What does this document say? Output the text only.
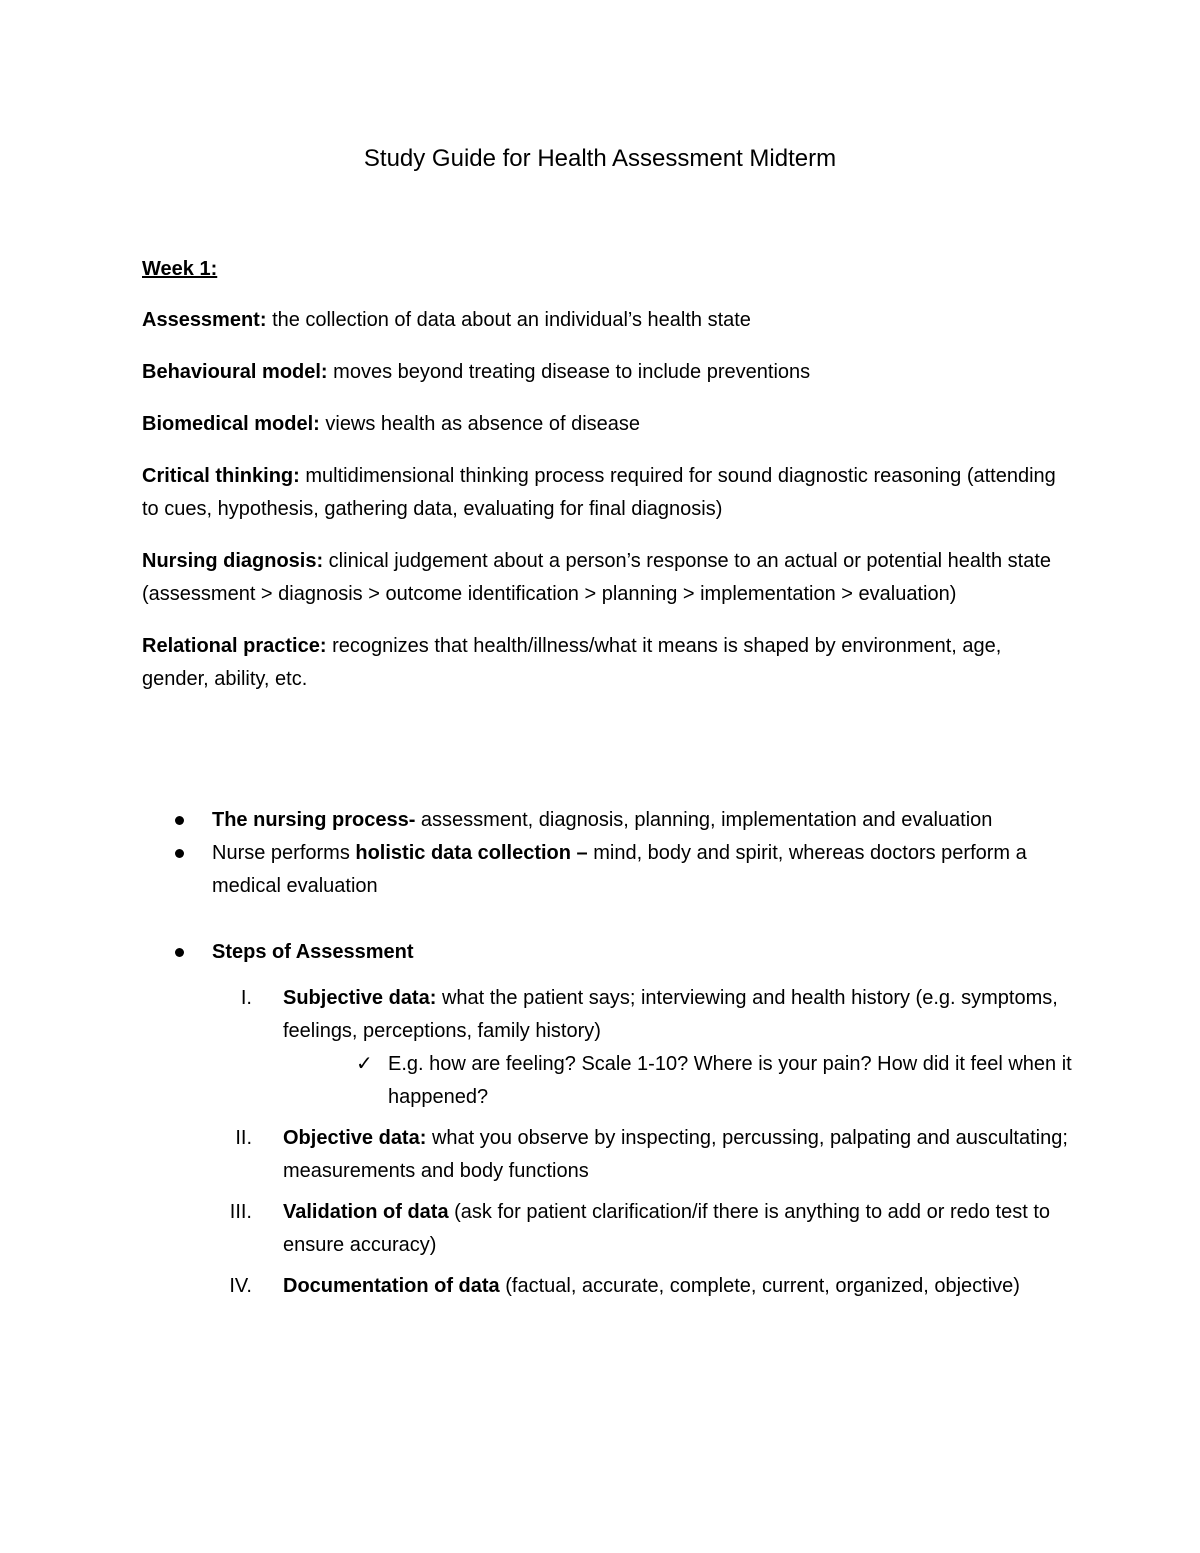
Study Guide for Health Assessment Midterm
Week 1:

Assessment: the collection of data about an individual’s health state

Behavioural model: moves beyond treating disease to include preventions

Biomedical model: views health as absence of disease

Critical thinking: multidimensional thinking process required for sound diagnostic reasoning (attending to cues, hypothesis, gathering data, evaluating for final diagnosis)

Nursing diagnosis: clinical judgement about a person’s response to an actual or potential health state (assessment > diagnosis > outcome identification > planning > implementation > evaluation)

Relational practice: recognizes that health/illness/what it means is shaped by environment, age, gender, ability, etc.

The nursing process- assessment, diagnosis, planning, implementation and evaluation

Nurse performs holistic data collection – mind, body and spirit, whereas doctors perform a medical evaluation

Steps of Assessment

I. Subjective data: what the patient says; interviewing and health history (e.g. symptoms, feelings, perceptions, family history)

✓ E.g. how are feeling? Scale 1-10? Where is your pain? How did it feel when it happened?

II. Objective data: what you observe by inspecting, percussing, palpating and auscultating; measurements and body functions
III. Validation of data (ask for patient clarification/if there is anything to add or redo test to ensure accuracy)
IV. Documentation of data (factual, accurate, complete, current, organized, objective)
